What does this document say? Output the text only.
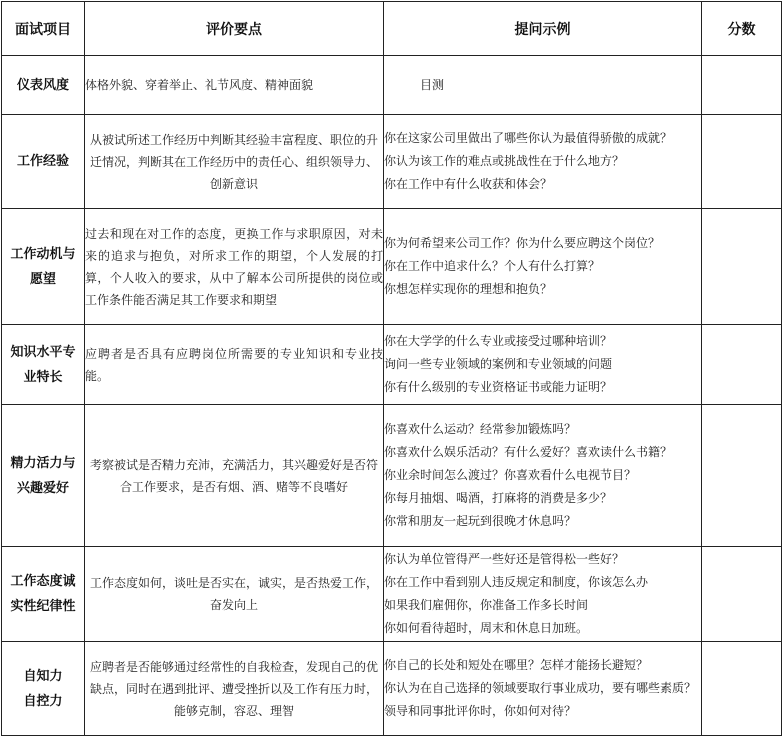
面试项目	评价要点	提问示例	分数
仪表风度	体格外貌、穿着举止、礼节风度、精神面貌	目测	

工作经验	从被试所述工作经历中判断其经验丰富程度、职位的升迁情况，判断其在工作经历中的责任心、组织领导力、创新意识	你在这家公司里做出了哪些你认为最值得骄傲的成就？
你认为该工作的难点或挑战性在于什么地方？
你在工作中有什么收获和体会？	

工作动机与
愿望	过去和现在对工作的态度，更换工作与求职原因，对未来的追求与抱负，对所求工作的期望，个人发展的打算，个人收入的要求，从中了解本公司所提供的岗位或工作条件能否满足其工作要求和期望	你为何希望来公司工作？你为什么要应聘这个岗位？
你在工作中追求什么？个人有什么打算？
你想怎样实现你的理想和抱负？	

知识水平专
业特长	应聘者是否具有应聘岗位所需要的专业知识和专业技能。	你在大学学的什么专业或接受过哪种培训？
询问一些专业领域的案例和专业领域的问题
你有什么级别的专业资格证书或能力证明？	

精力活力与
兴趣爱好	考察被试是否精力充沛，充满活力，其兴趣爱好是否符合工作要求，是否有烟、酒、赌等不良嗜好	你喜欢什么运动？经常参加锻炼吗？
你喜欢什么娱乐活动？有什么爱好？喜欢读什么书籍？
你业余时间怎么渡过？你喜欢看什么电视节目？
你每月抽烟、喝酒，打麻将的消费是多少？
你常和朋友一起玩到很晚才休息吗？	

工作态度诚
实性纪律性	工作态度如何，谈吐是否实在，诚实，是否热爱工作，奋发向上	你认为单位管得严一些好还是管得松一些好？
你在工作中看到别人违反规定和制度，你该怎么办
如果我们雇佣你，你准备工作多长时间
你如何看待超时，周末和休息日加班。	

自知力
自控力	应聘者是否能够通过经常性的自我检查，发现自己的优缺点，同时在遇到批评、遭受挫折以及工作有压力时，能够克制，容忍、理智	你自己的长处和短处在哪里？怎样才能扬长避短？
你认为在自己选择的领域要取行事业成功，要有哪些素质？
领导和同事批评你时，你如何对待？	
